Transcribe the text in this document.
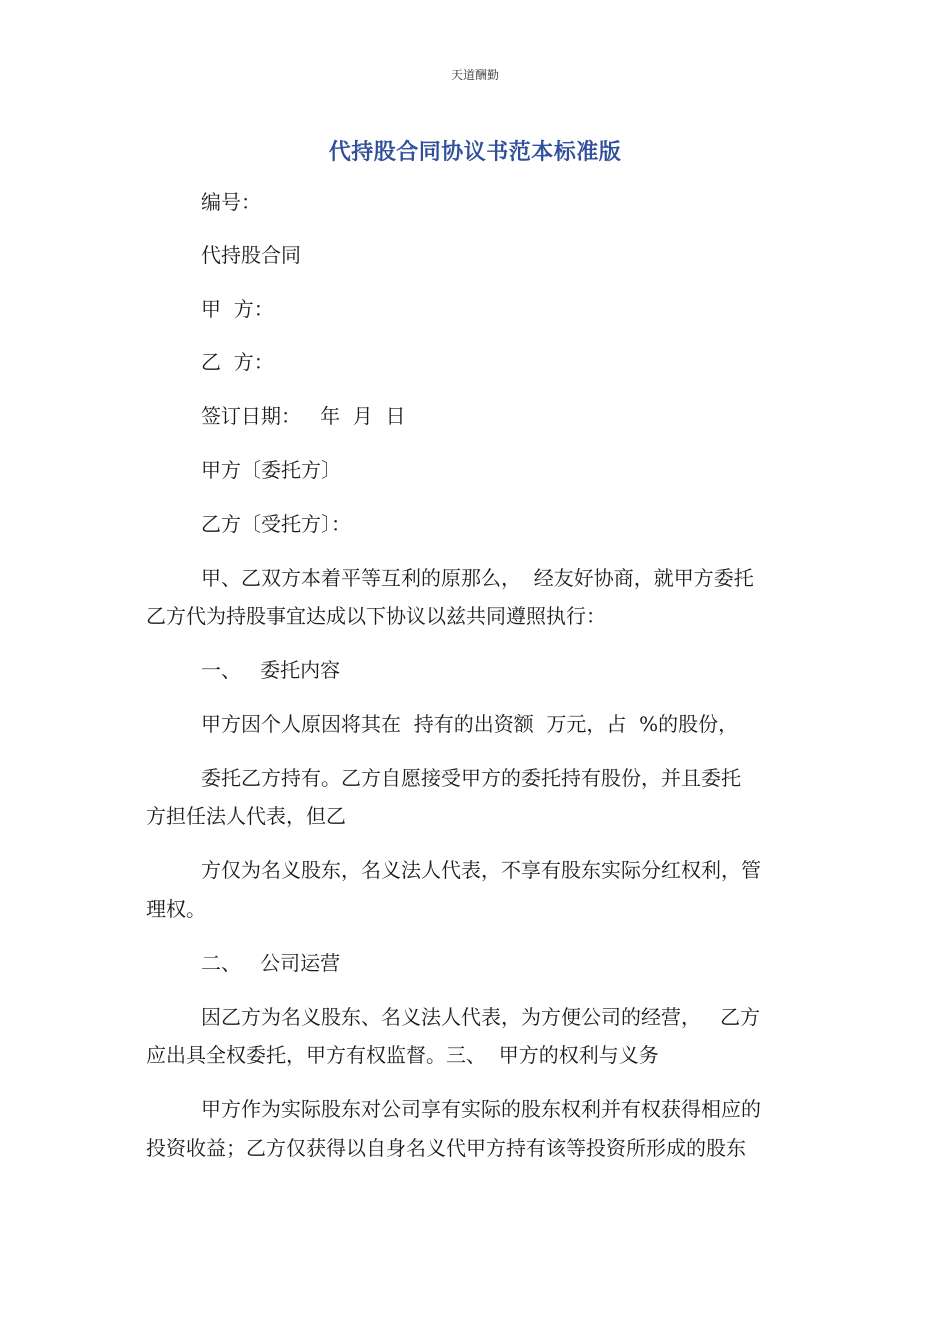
天道酬勤
代持股合同协议书范本标准版
编号：
代持股合同
甲  方：
乙  方：
签订日期：   年  月  日
甲方〔委托方〕
乙方〔受托方〕：
甲、乙双方本着平等互利的原那么，  经友好协商，就甲方委托
乙方代为持股事宜达成以下协议以兹共同遵照执行：
一、   委托内容
甲方因个人原因将其在  持有的出资额  万元，占  %的股份，
委托乙方持有。乙方自愿接受甲方的委托持有股份，并且委托
方担任法人代表，但乙
方仅为名义股东，名义法人代表，不享有股东实际分红权利，管
理权。
二、   公司运营
因乙方为名义股东、名义法人代表，为方便公司的经营，   乙方
应出具全权委托，甲方有权监督。三、  甲方的权利与义务
甲方作为实际股东对公司享有实际的股东权利并有权获得相应的
投资收益；乙方仅获得以自身名义代甲方持有该等投资所形成的股东
